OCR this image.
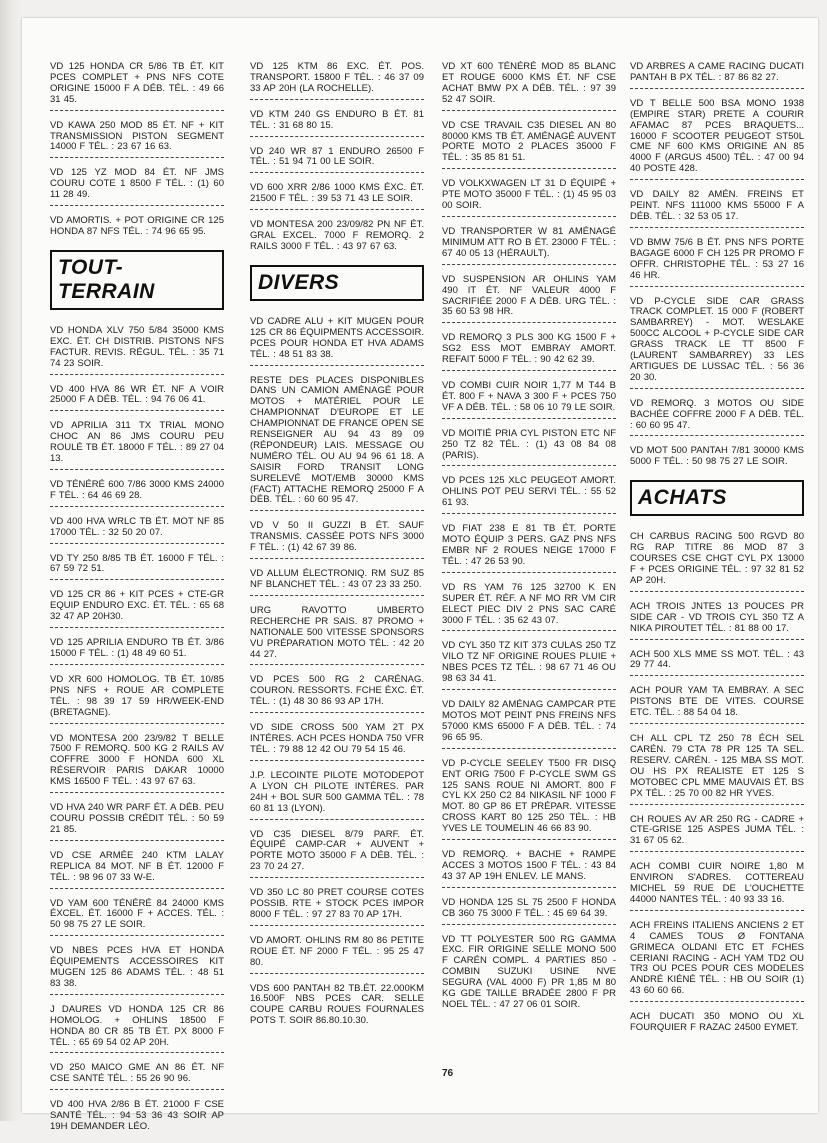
VD 125 HONDA CR 5/86 TB ÉT. KIT PCES COMPLET + PNS NFS COTE ORIGINE 15000 F A DÉB. TÉL. : 49 66 31 45.
VD KAWA 250 MOD 85 ÉT. NF + KIT TRANSMISSION PISTON SEGMENT 14000 F TÉL. : 23 67 16 63.
VD 125 YZ MOD 84 ÉT. NF JMS COURU COTE 1 8500 F TÉL. : (1) 60 11 28 49.
VD AMORTIS. + POT ORIGINE CR 125 HONDA 87 NFS TÉL. : 74 96 65 95.
TOUT-TERRAIN
VD HONDA XLV 750 5/84 35000 KMS EXC. ÉT. CH DISTRIB. PISTONS NFS FACTUR. REVIS. RÉGUL. TÉL. : 35 71 74 23 SOIR.
VD 400 HVA 86 WR ÉT. NF A VOIR 25000 F A DÉB. TÉL. : 94 76 06 41.
VD APRILIA 311 TX TRIAL MONO CHOC AN 86 JMS COURU PEU ROULÉ TB ÉT. 18000 F TÉL. : 89 27 04 13.
VD TÉNÉRÉ 600 7/86 3000 KMS 24000 F TÉL. : 64 46 69 28.
VD 400 HVA WRLC TB ÉT. MOT NF 85 17000 TÉL. : 32 50 20 07.
VD TY 250 8/85 TB ÉT. 16000 F TÉL. : 67 59 72 51.
VD 125 CR 86 + KIT PCES + CTE-GR EQUIP ENDURO EXC. ÉT. TÉL. : 65 68 32 47 AP 20H30.
VD 125 APRILIA ENDURO TB ÉT. 3/86 15000 F TÉL. : (1) 48 49 60 51.
VD XR 600 HOMOLOG. TB ÉT. 10/85 PNS NFS + ROUE AR COMPLETE TÉL. : 98 39 17 59 HR/WEEK-END (BRETAGNE).
VD MONTESA 200 23/9/82 T BELLE 7500 F REMORQ. 500 KG 2 RAILS AV COFFRE 3000 F HONDA 600 XL RÉSERVOIR PARIS DAKAR 10000 KMS 16500 F TÉL. : 43 97 67 63.
VD HVA 240 WR PARF ÉT. A DÉB. PEU COURU POSSIB CRÉDIT TÉL. : 50 59 21 85.
VD CSE ARMÉE 240 KTM LALAY REPLICA 84 MOT. NF B ÉT. 12000 F TÉL. : 98 96 07 33 W-E.
VD YAM 600 TÉNÉRÉ 84 24000 KMS ÉXCEL. ÉT. 16000 F + ACCES. TÉL. : 50 98 75 27 LE SOIR.
VD NBES PCES HVA ET HONDA ÉQUIPEMENTS ACCESSOIRES KIT MUGEN 125 86 ADAMS TÉL. : 48 51 83 38.
J DAURES VD HONDA 125 CR 86 HOMOLOG. + OHLINS 18500 F HONDA 80 CR 85 TB ÉT. PX 8000 F TÉL. : 65 69 54 02 AP 20H.
VD 250 MAICO GME AN 86 ÉT. NF CSE SANTÉ TÉL. : 55 26 90 96.
VD 400 HVA 2/86 B ÉT. 21000 F CSE SANTÉ TÉL. : 94 53 36 43 SOIR AP 19H DEMANDER LÉO.
VD 125 KTM 86 EXC. ÉT. POS. TRANSPORT. 15800 F TÉL. : 46 37 09 33 AP 20H (LA ROCHELLE).
VD KTM 240 GS ENDURO B ÉT. 81 TÉL. : 31 68 80 15.
VD 240 WR 87 1 ENDURO 26500 F TÉL. : 51 94 71 00 LE SOIR.
VD 600 XRR 2/86 1000 KMS ÉXC. ÉT. 21500 F TÉL. : 39 53 71 43 LE SOIR.
VD MONTESA 200 23/09/82 PN NF ÉT. GRAL EXCEL. 7000 F REMORQ. 2 RAILS 3000 F TÉL. : 43 97 67 63.
DIVERS
VD CADRE ALU + KIT MUGEN POUR 125 CR 86 ÉQUIPMENTS ACCESSOIR. PCES POUR HONDA ET HVA ADAMS TÉL. : 48 51 83 38.
RESTE DES PLACES DISPONIBLES DANS UN CAMION AMÉNAGÉ POUR MOTOS + MATÉRIEL POUR LE CHAMPIONNAT D'EUROPE ET LE CHAMPIONNAT DE FRANCE OPEN SE RENSEIGNER AU 94 43 89 09 (RÉPONDEUR) LAIS. MESSAGE OU NUMÉRO TÉL. OU AU 94 96 61 18. A SAISIR FORD TRANSIT LONG SURELEVÉ MOT/EMB 30000 KMS (FACT) ATTACHE REMORQ 25000 F A DÉB. TÉL. : 60 60 95 47.
VD V 50 II GUZZI B ÉT. SAUF TRANSMIS. CASSÉE POTS NFS 3000 F TÉL. : (1) 42 67 39 86.
VD ALLUM ÉLECTRONIQ. RM SUZ 85 NF BLANCHET TÉL. : 43 07 23 33 250.
URG RAVOTTO UMBERTO RECHERCHE PR SAIS. 87 PROMO + NATIONALE 500 VITESSE SPONSORS VU PRÉPARATION MOTO TÉL. : 42 20 44 27.
VD PCES 500 RG 2 CARÉNAG. COURON. RESSORTS. FCHE ÉXC. ÉT. TÉL. : (1) 48 30 86 93 AP 17H.
VD SIDE CROSS 500 YAM 2T PX INTÉRES. ACH PCES HONDA 750 VFR TÉL. : 79 88 12 42 OU 79 54 15 46.
J.P. LECOINTE PILOTE MOTODEPOT A LYON CH PILOTE INTÉRES. PAR 24H + BOL SUR 500 GAMMA TÉL. : 78 60 81 13 (LYON).
VD C35 DIESEL 8/79 PARF. ÉT. ÉQUIPÉ CAMP-CAR + AUVENT + PORTE MOTO 35000 F A DÉB. TÉL. : 23 70 24 27.
VD 350 LC 80 PRET COURSE COTES POSSIB. RTE + STOCK PCES IMPOR 8000 F TÉL. : 97 27 83 70 AP 17H.
VD AMORT. OHLINS RM 80 86 PETITE ROUE ÉT. NF 2000 F TÉL. : 95 25 47 80.
VDS 600 PANTAH 82 TB.ÉT. 22.000KM 16.500F NBS PCES CAR. SELLE COUPE CARBU ROUES FOURNALES POTS T. SOIR 86.80.10.30.
VD XT 600 TÉNÉRÉ MOD 85 BLANC ET ROUGE 6000 KMS ÉT. NF CSE ACHAT BMW PX A DÉB. TÉL. : 97 39 52 47 SOIR.
VD CSE TRAVAIL C35 DIESEL AN 80 80000 KMS TB ÉT. AMÉNAGÉ AUVENT PORTE MOTO 2 PLACES 35000 F TÉL. : 35 85 81 51.
VD VOLKXWAGEN LT 31 D ÉQUIPÉ + PTE MOTO 35000 F TÉL. : (1) 45 95 03 00 SOIR.
VD TRANSPORTER W 81 AMÉNAGÉ MINIMUM ATT RO B ÉT. 23000 F TÉL. : 67 40 05 13 (HÉRAULT).
VD SUSPENSION AR OHLINS YAM 490 IT ÉT. NF VALEUR 4000 F SACRIFIÉE 2000 F A DÉB. URG TÉL. : 35 60 53 98 HR.
VD REMORQ 3 PLS 300 KG 1500 F + SG2 ESS MOT EMBRAY AMORT. REFAIT 5000 F TÉL. : 90 42 62 39.
VD COMBI CUIR NOIR 1,77 M T44 B ÉT. 800 F + NAVA 3 300 F + PCES 750 VF A DÉB. TÉL. : 58 06 10 79 LE SOIR.
VD MOITIÉ PRIA CYL PISTON ETC NF 250 TZ 82 TÉL. : (1) 43 08 84 08 (PARIS).
VD PCES 125 XLC PEUGEOT AMORT. OHLINS POT PEU SERVI TÉL. : 55 52 61 93.
VD FIAT 238 E 81 TB ÉT. PORTE MOTO ÉQUIP 3 PERS. GAZ PNS NFS EMBR NF 2 ROUES NEIGE 17000 F TÉL. : 47 26 53 90.
VD RS YAM 76 125 32700 K EN SUPER ÉT. RÉF. A NF MO RR VM CIR ELECT PIEC DIV 2 PNS SAC CARÉ 3000 F TÉL. : 35 62 43 07.
VD CYL 350 TZ KIT 373 CULAS 250 TZ VILO TZ NF ORIGINE ROUES PLUIE + NBES PCES TZ TÉL. : 98 67 71 46 OU 98 63 34 41.
VD DAILY 82 AMÉNAG CAMPCAR PTE MOTOS MOT PEINT PNS FREINS NFS 57000 KMS 65000 F A DÉB. TÉL. : 74 96 65 95.
VD P-CYCLE SEELEY T500 FR DISQ ENT ORIG 7500 F P-CYCLE SWM GS 125 SANS ROUE NI AMORT. 800 F CYL KX 250 C2 84 NIKASIL NF 1000 F MOT. 80 GP 86 ET PRÉPAR. VITESSE CROSS KART 80 125 250 TÉL. : HB YVES LE TOUMELIN 46 66 83 90.
VD REMORQ. + BACHE + RAMPE ACCES 3 MOTOS 1500 F TÉL. : 43 84 43 37 AP 19H ENLEV. LE MANS.
VD HONDA 125 SL 75 2500 F HONDA CB 360 75 3000 F TÉL. : 45 69 64 39.
VD TT POLYESTER 500 RG GAMMA EXC. FIR ORIGINE SELLE MONO 500 F CARÉN COMPL. 4 PARTIES 850 - COMBIN SUZUKI USINE NVE SEGURA (VAL 4000 F) PR 1,85 M 80 KG GDE TAILLE BRADÉE 2800 F PR NOEL TÉL. : 47 27 06 01 SOIR.
VD ARBRES A CAME RACING DUCATI PANTAH B PX TÉL. : 87 86 82 27.
VD T BELLE 500 BSA MONO 1938 (EMPIRE STAR) PRETE A COURIR AFAMAC 87 PCES BRAQUETS... 16000 F SCOOTER PEUGEOT ST50L CME NF 600 KMS ORIGINE AN 85 4000 F (ARGUS 4500) TÉL. : 47 00 94 40 POSTE 428.
VD DAILY 82 AMÉN. FREINS ET PEINT. NFS 111000 KMS 55000 F A DÉB. TÉL. : 32 53 05 17.
VD BMW 75/6 B ÉT. PNS NFS PORTE BAGAGE 6000 F CH 125 PR PROMO F OFFR. CHRISTOPHE TÉL. : 53 27 16 46 HR.
VD P-CYCLE SIDE CAR GRASS TRACK COMPLET. 15 000 F (ROBERT SAMBARREY) - MOT. WESLAKE 500CC ALCOOL + P-CYCLE SIDE CAR GRASS TRACK LE TT 8500 F (LAURENT SAMBARREY) 33 LES ARTIGUES DE LUSSAC TÉL. : 56 36 20 30.
VD REMORQ. 3 MOTOS OU SIDE BACHÉE COFFRE 2000 F A DÉB. TÉL. : 60 60 95 47.
VD MOT 500 PANTAH 7/81 30000 KMS 5000 F TÉL. : 50 98 75 27 LE SOIR.
ACHATS
CH CARBUS RACING 500 RGVD 80 RG RAP TITRE 86 MOD 87 3 COURSES CSE CHGT CYL PX 13000 F + PCES ORIGINE TÉL. : 97 32 81 52 AP 20H.
ACH TROIS JNTES 13 POUCES PR SIDE CAR - VD TROIS CYL 350 TZ A NIKA PIROUTET TÉL. : 81 88 00 17.
ACH 500 XLS MME SS MOT. TÉL. : 43 29 77 44.
ACH POUR YAM TA EMBRAY. A SEC PISTONS BTE DE VITES. COURSE ETC. TÉL. : 88 54 04 18.
CH ALL CPL TZ 250 78 ÉCH SEL CARÉN. 79 CTA 78 PR 125 TA SEL. RESERV. CARÉN. - 125 MBA SS MOT. OU HS PX REALISTE ET 125 S MOTOBEC CPL MME MAUVAIS ÉT. BS PX TÉL. : 25 70 00 82 HR YVES.
CH ROUES AV AR 250 RG - CADRE + CTE-GRISE 125 ASPES JUMA TÉL. : 31 67 05 62.
ACH COMBI CUIR NOIRE 1,80 M ENVIRON S'ADRES. COTTEREAU MICHEL 59 RUE DE L'OUCHETTE 44000 NANTES TÉL. : 40 93 33 16.
ACH FREINS ITALIENS ANCIENS 2 ET 4 CAMES TOUS Ø FONTANA GRIMECA OLDANI ETC ET FCHES CERIANI RACING - ACH YAM TD2 OU TR3 OU PCES POUR CES MODELES ANDRÉ KIÉNÉ TÉL. : HB OU SOIR (1) 43 60 60 66.
ACH DUCATI 350 MONO OU XL FOURQUIER F RAZAC 24500 EYMET.
76
